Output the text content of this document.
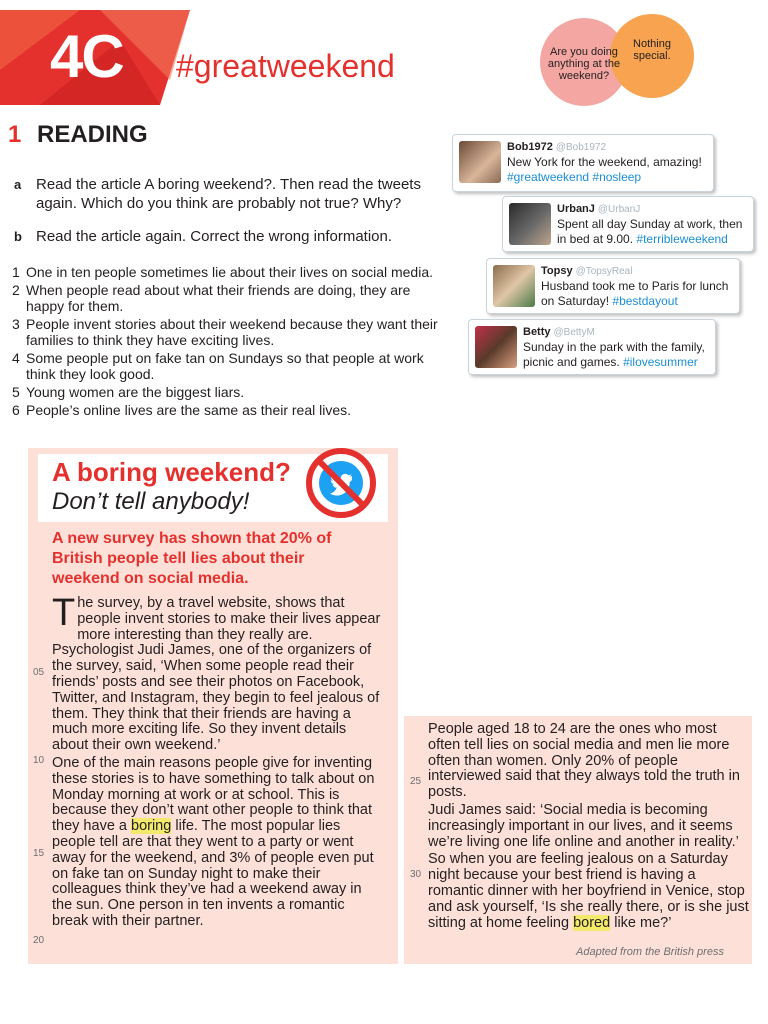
4C #greatweekend	Are you doing anything at the weekend?
Nothing special.
1 READING
a Read the article A boring weekend?. Then read the tweets again. Which do you think are probably not true? Why?
b Read the article again. Correct the wrong information.
1 One in ten people sometimes lie about their lives on social media.
2 When people read about what their friends are doing, they are happy for them.
3 People invent stories about their weekend because they want their families to think they have exciting lives.
4 Some people put on fake tan on Sundays so that people at work think they look good.
5 Young women are the biggest liars.
6 People’s online lives are the same as their real lives.
Bob1972 @Bob1972
New York for the weekend, amazing!
#greatweekend #nosleep
UrbanJ @UrbanJ
Spent all day Sunday at work, then in bed at 9.00. #terribleweekend
Topsy @TopsyReal
Husband took me to Paris for lunch on Saturday! #bestdayout
Betty @BettyM
Sunday in the park with the family, picnic and games. #ilovesummer
A boring weekend?
Don’t tell anybody!
A new survey has shown that 20% of British people tell lies about their weekend on social media.

The survey, by a travel website, shows that people invent stories to make their lives appear more interesting than they really are. Psychologist Judi James, one of the organizers of the survey, said, ‘When some people read their friends’ posts and see their photos on Facebook, Twitter, and Instagram, they begin to feel jealous of them. They think that their friends are having a much more exciting life. So they invent details about their own weekend.’

One of the main reasons people give for inventing these stories is to have something to talk about on Monday morning at work or at school. This is because they don’t want other people to think that they have a boring life. The most popular lies people tell are that they went to a party or went away for the weekend, and 3% of people even put on fake tan on Sunday night to make their colleagues think they’ve had a weekend away in the sun. One person in ten invents a romantic break with their partner.

05
10
15
20

People aged 18 to 24 are the ones who most often tell lies on social media and men lie more often than women. Only 20% of people interviewed said that they always told the truth in posts.

Judi James said: ‘Social media is becoming increasingly important in our lives, and it seems we’re living one life online and another in reality.’

So when you are feeling jealous on a Saturday night because your best friend is having a romantic dinner with her boyfriend in Venice, stop and ask yourself, ‘Is she really there, or is she just sitting at home feeling bored like me?’

25
30
Adapted from the British press
